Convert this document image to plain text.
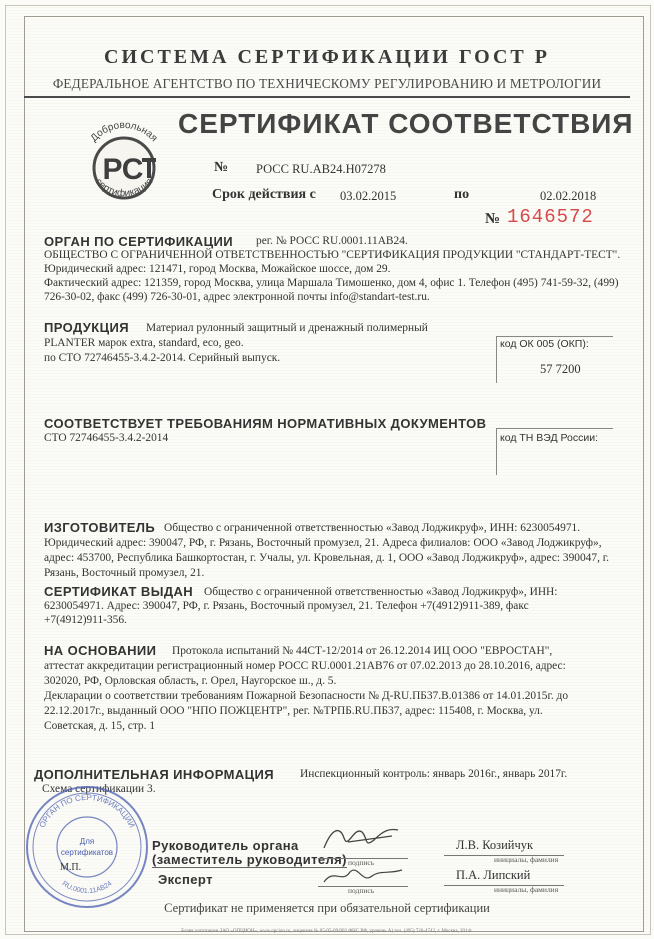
СИСТЕМА СЕРТИФИКАЦИИ ГОСТ Р
ФЕДЕРАЛЬНОЕ АГЕНТСТВО ПО ТЕХНИЧЕСКОМУ РЕГУЛИРОВАНИЮ И МЕТРОЛОГИИ
Добровольная
сертификация
РС
СЕРТИФИКАТ СООТВЕТСТВИЯ
№ РОСС RU.АВ24.Н07278
Срок действия с 03.02.2015	по	02.02.2018
№ 1646572
ОРГАН ПО СЕРТИФИКАЦИИ рег. № РОСС RU.0001.11АВ24.
ОБЩЕСТВО С ОГРАНИЧЕННОЙ ОТВЕТСТВЕННОСТЬЮ "СЕРТИФИКАЦИЯ ПРОДУКЦИИ "СТАНДАРТ-ТЕСТ".
Юридический адрес: 121471, город Москва, Можайское шоссе, дом 29.
Фактический адрес: 121359, город Москва, улица Маршала Тимошенко, дом 4, офис 1. Телефон (495) 741-59-32, (499)
726-30-02, факс (499) 726-30-01, адрес электронной почты info@standart-test.ru.
ПРОДУКЦИЯ Материал рулонный защитный и дренажный полимерный
PLANTER марок extra, standard, eco, geo.
по СТО 72746455-3.4.2-2014. Серийный выпуск.
код ОК 005 (ОКП):
57 7200
СООТВЕТСТВУЕТ ТРЕБОВАНИЯМ НОРМАТИВНЫХ ДОКУМЕНТОВ
СТО 72746455-3.4.2-2014	код ТН ВЭД России:
ИЗГОТОВИТЕЛЬ Общество с ограниченной ответственностью «Завод Лоджикруф», ИНН: 6230054971.
Юридический адрес: 390047, РФ, г. Рязань, Восточный промузел, 21. Адреса филиалов: ООО «Завод Лоджикруф»,
адрес: 453700, Республика Башкортостан, г. Учалы, ул. Кровельная, д. 1, ООО «Завод Лоджикруф», адрес: 390047, г.
Рязань, Восточный промузел, 21.
СЕРТИФИКАТ ВЫДАН Общество с ограниченной ответственностью «Завод Лоджикруф», ИНН:
6230054971. Адрес: 390047, РФ, г. Рязань, Восточный промузел, 21. Телефон +7(4912)911-389, факс
+7(4912)911-356.
НА ОСНОВАНИИ Протокола испытаний № 44СТ-12/2014 от 26.12.2014 ИЦ ООО "ЕВРОСТАН",
аттестат аккредитации регистрационный номер РОСС RU.0001.21АВ76 от 07.02.2013 до 28.10.2016, адрес:
302020, РФ, Орловская область, г. Орел, Наугорское ш., д. 5.
Декларации о соответствии требованиям Пожарной Безопасности № Д-RU.ПБ37.В.01386 от 14.01.2015г. до
22.12.2017г., выданный ООО "НПО ПОЖЦЕНТР", рег. №ТРПБ.RU.ПБ37, адрес: 115408, г. Москва, ул.
Советская, д. 15, стр. 1
ДОПОЛНИТЕЛЬНАЯ ИНФОРМАЦИЯ Инспекционный контроль: январь 2016г., январь 2017г.
Схема сертификации 3.
ОРГАН ПО СЕРТИФИКАЦИИ
RU.0001.11АВ24
Для
сертификатов
М.П.
Руководитель органа
(заместитель руководителя) подпись
Л.В. Козийчук
инициалы, фамилия
Эксперт
подпись
П.А. Липский
инициалы, фамилия
Сертификат не применяется при обязательной сертификации
Бланк изготовлен ЗАО «ОПЦИОН», www.opcion.ru, лицензия № 05-05-09/003 ФНС РФ, уровень А) тел. (495) 726-4742, г. Москва, 2014г.
